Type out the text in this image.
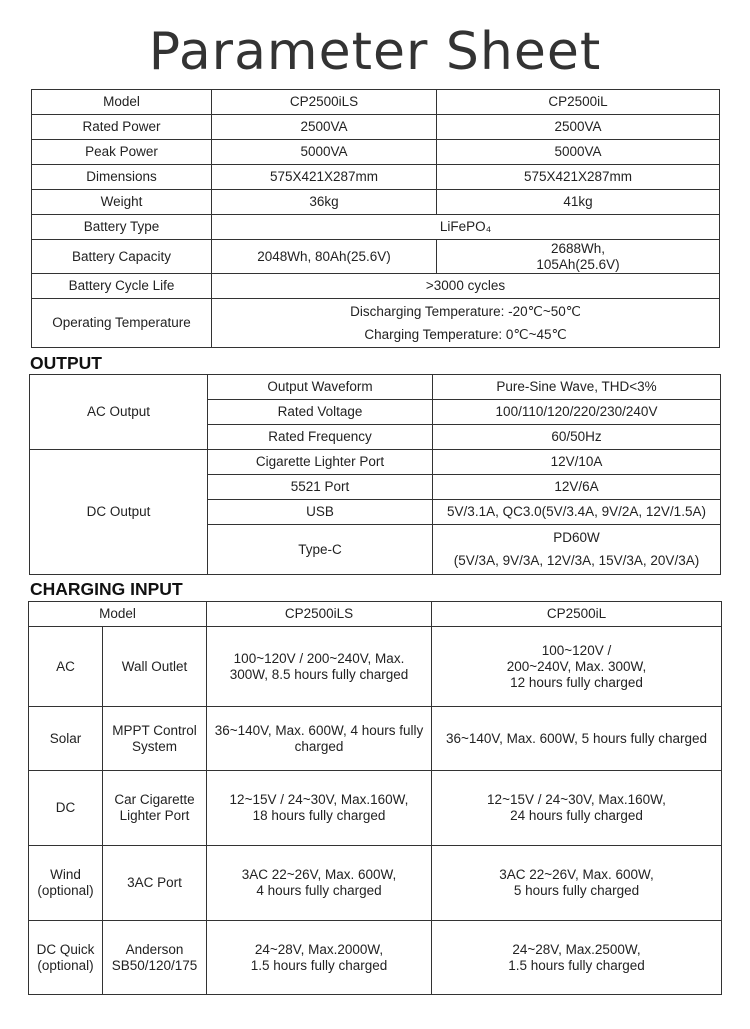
Parameter Sheet
Model	CP2500iLS	CP2500iL
Rated Power	2500VA	2500VA
Peak Power	5000VA	5000VA
Dimensions	575X421X287mm	575X421X287mm
Weight	36kg	41kg
Battery Type	LiFePO₄	
Battery Capacity	2048Wh, 80Ah(25.6V)	2688Wh,
105Ah(25.6V)

Battery Cycle Life	>3000 cycles	
Operating Temperature	Discharging Temperature: -20℃~50℃
Charging Temperature: 0℃~45℃	
OUTPUT
AC Output	Output Waveform	Pure-Sine Wave, THD<3%
	Rated Voltage	100/110/120/220/230/240V
	Rated Frequency	60/50Hz
DC Output	Cigarette Lighter Port	12V/10A
	5521 Port	12V/6A
	USB	5V/3.1A, QC3.0(5V/3.4A, 9V/2A, 12V/1.5A)
	Type-C	PD60W
(5V/3A, 9V/3A, 12V/3A, 15V/3A, 20V/3A)
CHARGING INPUT
Model		CP2500iLS	CP2500iL
AC	Wall Outlet	100~120V / 200~240V, Max.
300W, 8.5 hours fully charged	100~120V /
200~240V, Max. 300W,
12 hours fully charged

Solar	MPPT Control
System	36~140V, Max. 600W, 4 hours fully
charged	36~140V, Max. 600W, 5 hours fully charged
DC	Car Cigarette
Lighter Port	12~15V / 24~30V, Max.160W,
18 hours fully charged	12~15V / 24~30V, Max.160W,
24 hours fully charged

Wind
(optional)	3AC Port	3AC 22~26V, Max. 600W,
4 hours fully charged	3AC 22~26V, Max. 600W,
5 hours fully charged

DC Quick
(optional)	Anderson
SB50/120/175	24~28V, Max.2000W,
1.5 hours fully charged	24~28V, Max.2500W,
1.5 hours fully charged
